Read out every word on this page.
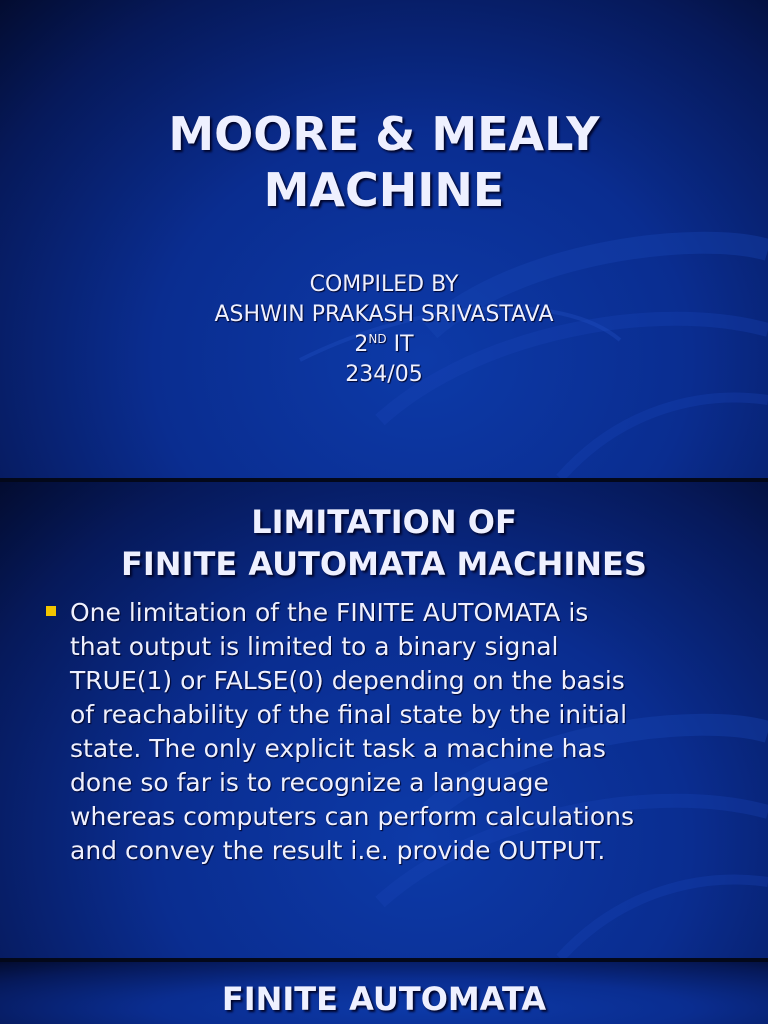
MOORE & MEALY
MACHINE
COMPILED BY
ASHWIN PRAKASH SRIVASTAVA
2ND IT
234/05
LIMITATION OF
FINITE AUTOMATA MACHINES
One limitation of the FINITE AUTOMATA is
that output is limited to a binary signal
TRUE(1) or FALSE(0) depending on the basis
of reachability of the final state by the initial
state. The only explicit task a machine has
done so far is to recognize a language
whereas computers can perform calculations
and convey the result i.e. provide OUTPUT.
FINITE AUTOMATA
